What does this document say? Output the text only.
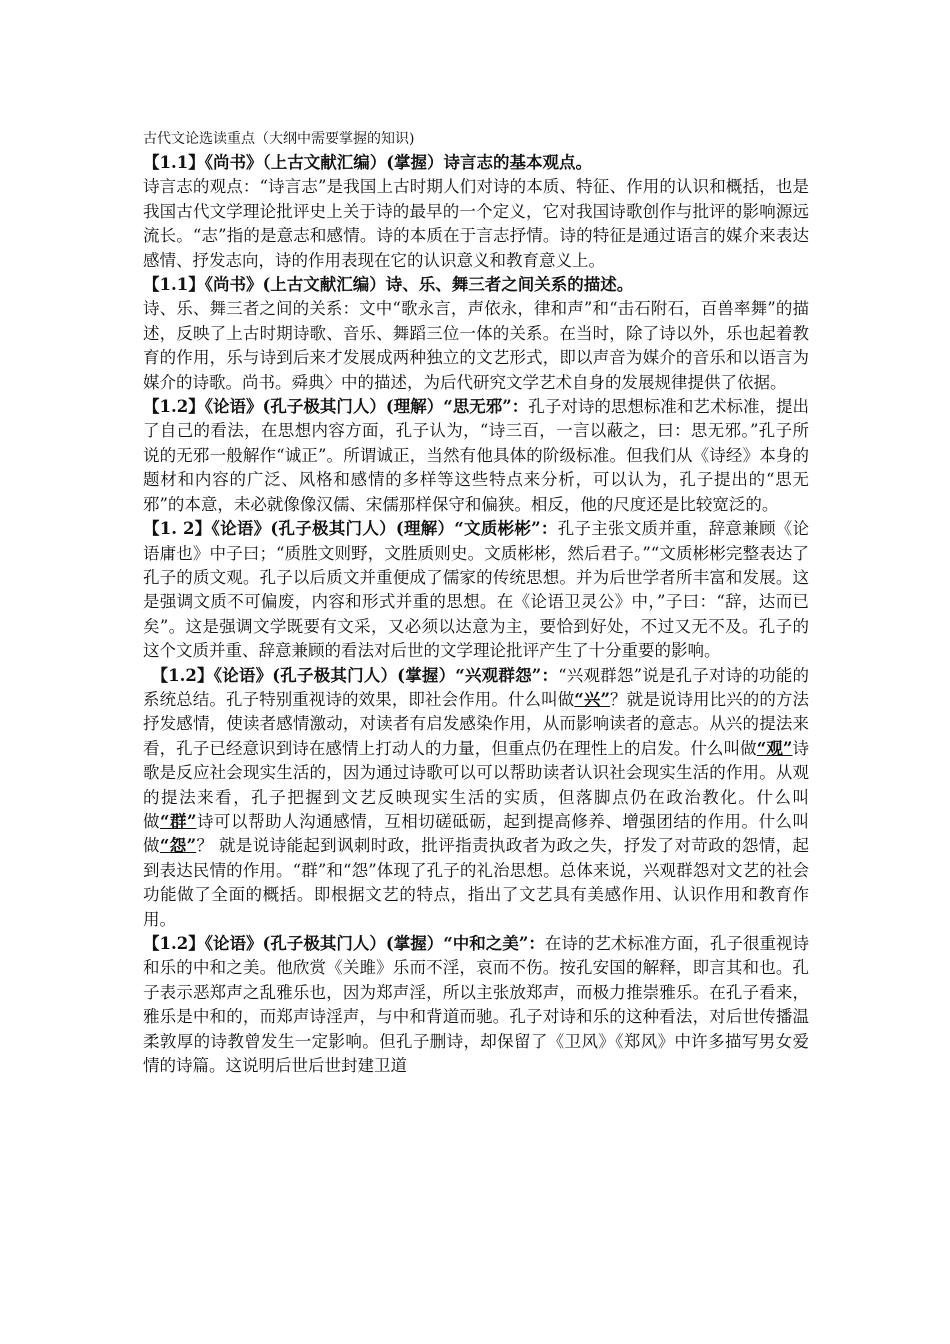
古代文论选读重点（大纲中需要掌握的知识)

【1.1】《尚书》（上古文献汇编）(掌握）诗言志的基本观点。

诗言志的观点：“诗言志”是我国上古时期人们对诗的本质、特征、作用的认识和概括，也是我国古代文学理论批评史上关于诗的最早的一个定义，它对我国诗歌创作与批评的影响源远流长。“志”指的是意志和感情。诗的本质在于言志抒情。诗的特征是通过语言的媒介来表达感情、抒发志向，诗的作用表现在它的认识意义和教育意义上。

【1.1】《尚书》(上古文献汇编）诗、乐、舞三者之间关系的描述。

诗、乐、舞三者之间的关系：文中“歌永言，声依永，律和声”和“击石附石，百兽率舞”的描述，反映了上古时期诗歌、音乐、舞蹈三位一体的关系。在当时，除了诗以外，乐也起着教育的作用，乐与诗到后来才发展成两种独立的文艺形式，即以声音为媒介的音乐和以语言为媒介的诗歌。尚书。舜典〉中的描述，为后代研究文学艺术自身的发展规律提供了依据。

【1.2】《论语》(孔子极其门人）(理解）“思无邪”：孔子对诗的思想标准和艺术标准，提出了自己的看法，在思想内容方面，孔子认为，“诗三百，一言以蔽之，曰：思无邪。”孔子所说的无邪一般解作“诚正”。所谓诚正，当然有他具体的阶级标准。但我们从《诗经》本身的题材和内容的广泛、风格和感情的多样等这些特点来分析，可以认为，孔子提出的“思无邪”的本意，未必就像像汉儒、宋儒那样保守和偏狭。相反，他的尺度还是比较宽泛的。

【1. 2】《论语》(孔子极其门人）(理解）“文质彬彬”：孔子主张文质并重，辞意兼顾《论语庸也》中子曰；“质胜文则野，文胜质则史。文质彬彬，然后君子。”“文质彬彬完整表达了孔子的质文观。孔子以后质文并重便成了儒家的传统思想。并为后世学者所丰富和发展。这是强调文质不可偏废，内容和形式并重的思想。在《论语卫灵公》中，”子曰：“辞，达而已矣”。这是强调文学既要有文采，又必须以达意为主，要恰到好处，不过又无不及。孔子的这个文质并重、辞意兼顾的看法对后世的文学理论批评产生了十分重要的影响。

　【1.2】《论语》(孔子极其门人）(掌握）“兴观群怨”：“兴观群怨”说是孔子对诗的功能的系统总结。孔子特别重视诗的效果，即社会作用。什么叫做“兴”？就是说诗用比兴的的方法抒发感情，使读者感情激动，对读者有启发感染作用，从而影响读者的意志。从兴的提法来看，孔子已经意识到诗在感情上打动人的力量，但重点仍在理性上的启发。什么叫做“观”诗歌是反应社会现实生活的，因为通过诗歌可以可以帮助读者认识社会现实生活的作用。从观的提法来看，孔子把握到文艺反映现实生活的实质，但落脚点仍在政治教化。什么叫做“群”诗可以帮助人沟通感情，互相切磋砥砺，起到提高修养、增强团结的作用。什么叫做“怨”？ 就是说诗能起到讽刺时政，批评指责执政者为政之失，抒发了对苛政的怨情，起到表达民情的作用。“群”和“怨”体现了孔子的礼治思想。总体来说，兴观群怨对文艺的社会功能做了全面的概括。即根据文艺的特点，指出了文艺具有美感作用、认识作用和教育作用。

【1.2】《论语》(孔子极其门人）(掌握）“中和之美”：在诗的艺术标准方面，孔子很重视诗和乐的中和之美。他欣赏《关雎》乐而不淫，哀而不伤。按孔安国的解释，即言其和也。孔子表示恶郑声之乱雅乐也，因为郑声淫，所以主张放郑声，而极力推崇雅乐。在孔子看来，雅乐是中和的，而郑声诗淫声，与中和背道而驰。孔子对诗和乐的这种看法，对后世传播温柔敦厚的诗教曾发生一定影响。但孔子删诗，却保留了《卫风》《郑风》中许多描写男女爱情的诗篇。这说明后世后世封建卫道
